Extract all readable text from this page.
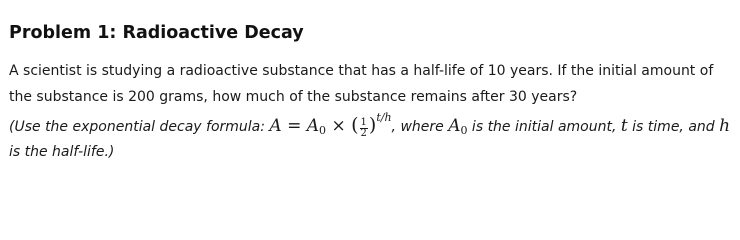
Problem 1: Radioactive Decay

A scientist is studying a radioactive substance that has a half-life of 10 years. If the initial amount of the substance is 200 grams, how much of the substance remains after 30 years?

(Use the exponential decay formula: $A = A_0$ × ( $\frac{1}{2} )^{t/h}$, where $A_0$ is the initial amount, t is time, and h is the half-life.)
